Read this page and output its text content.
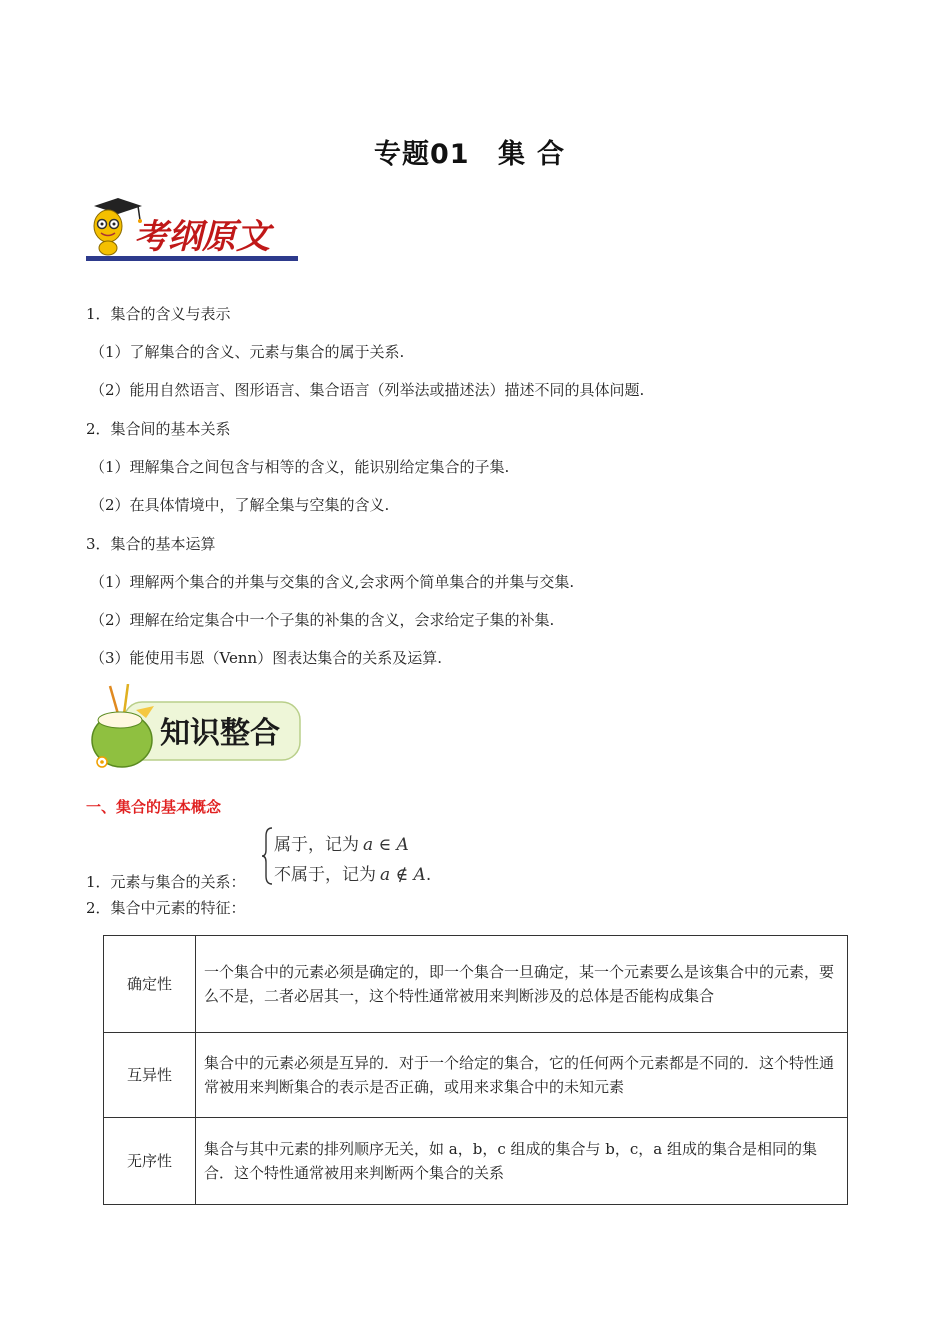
专题01 集合
考纲原文
1．集合的含义与表示
（1）了解集合的含义、元素与集合的属于关系.
（2）能用自然语言、图形语言、集合语言（列举法或描述法）描述不同的具体问题.
2．集合间的基本关系
（1）理解集合之间包含与相等的含义，能识别给定集合的子集.
（2）在具体情境中，了解全集与空集的含义.
3．集合的基本运算
（1）理解两个集合的并集与交集的含义,会求两个简单集合的并集与交集.
（2）理解在给定集合中一个子集的补集的含义，会求给定子集的补集.
（3）能使用韦恩（Venn）图表达集合的关系及运算.
知识整合
一、集合的基本概念
1．元素与集合的关系：
属于，记为 a ∈ A
不属于，记为 a ∉ A.
2．集合中元素的特征：
确定性	一个集合中的元素必须是确定的，即一个集合一旦确定，某一个元素要么是该集合中的元素，要么不是，二者必居其一，这个特性通常被用来判断涉及的总体是否能构成集合
互异性	集合中的元素必须是互异的．对于一个给定的集合，它的任何两个元素都是不同的．这个特性通常被用来判断集合的表示是否正确，或用来求集合中的未知元素
无序性	集合与其中元素的排列顺序无关，如 a，b，c 组成的集合与 b，c，a 组成的集合是相同的集合．这个特性通常被用来判断两个集合的关系
